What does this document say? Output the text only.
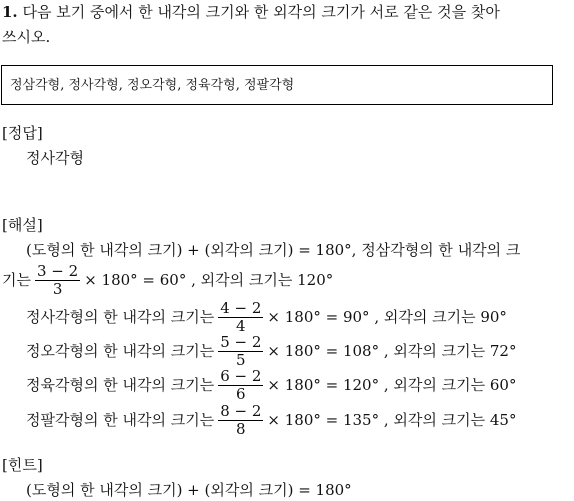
1. 다음 보기 중에서 한 내각의 크기와 한 외각의 크기가 서로 같은 것을 찾아
쓰시오.
정삼각형, 정사각형, 정오각형, 정육각형, 정팔각형
[정답]
정사각형
[해설]
(도형의 한 내각의 크기) + (외각의 크기) = 180°, 정삼각형의 한 내각의 크
기는 $\frac{3 - 2}{3} \times 180^\circ = 60^\circ$ , 외각의 크기는 120°
정사각형의 한 내각의 크기는 $\frac{4 - 2}{4} \times 180^\circ = 90^\circ$ , 외각의 크기는 90°
정오각형의 한 내각의 크기는 $\frac{5 - 2}{5} \times 180^\circ = 108^\circ$ , 외각의 크기는 72°
정육각형의 한 내각의 크기는 $\frac{6 - 2}{6} \times 180^\circ = 120^\circ$ , 외각의 크기는 60°
정팔각형의 한 내각의 크기는 $\frac{8 - 2}{8} \times 180^\circ = 135^\circ$ , 외각의 크기는 45°
[힌트]
(도형의 한 내각의 크기) + (외각의 크기) = 180°
